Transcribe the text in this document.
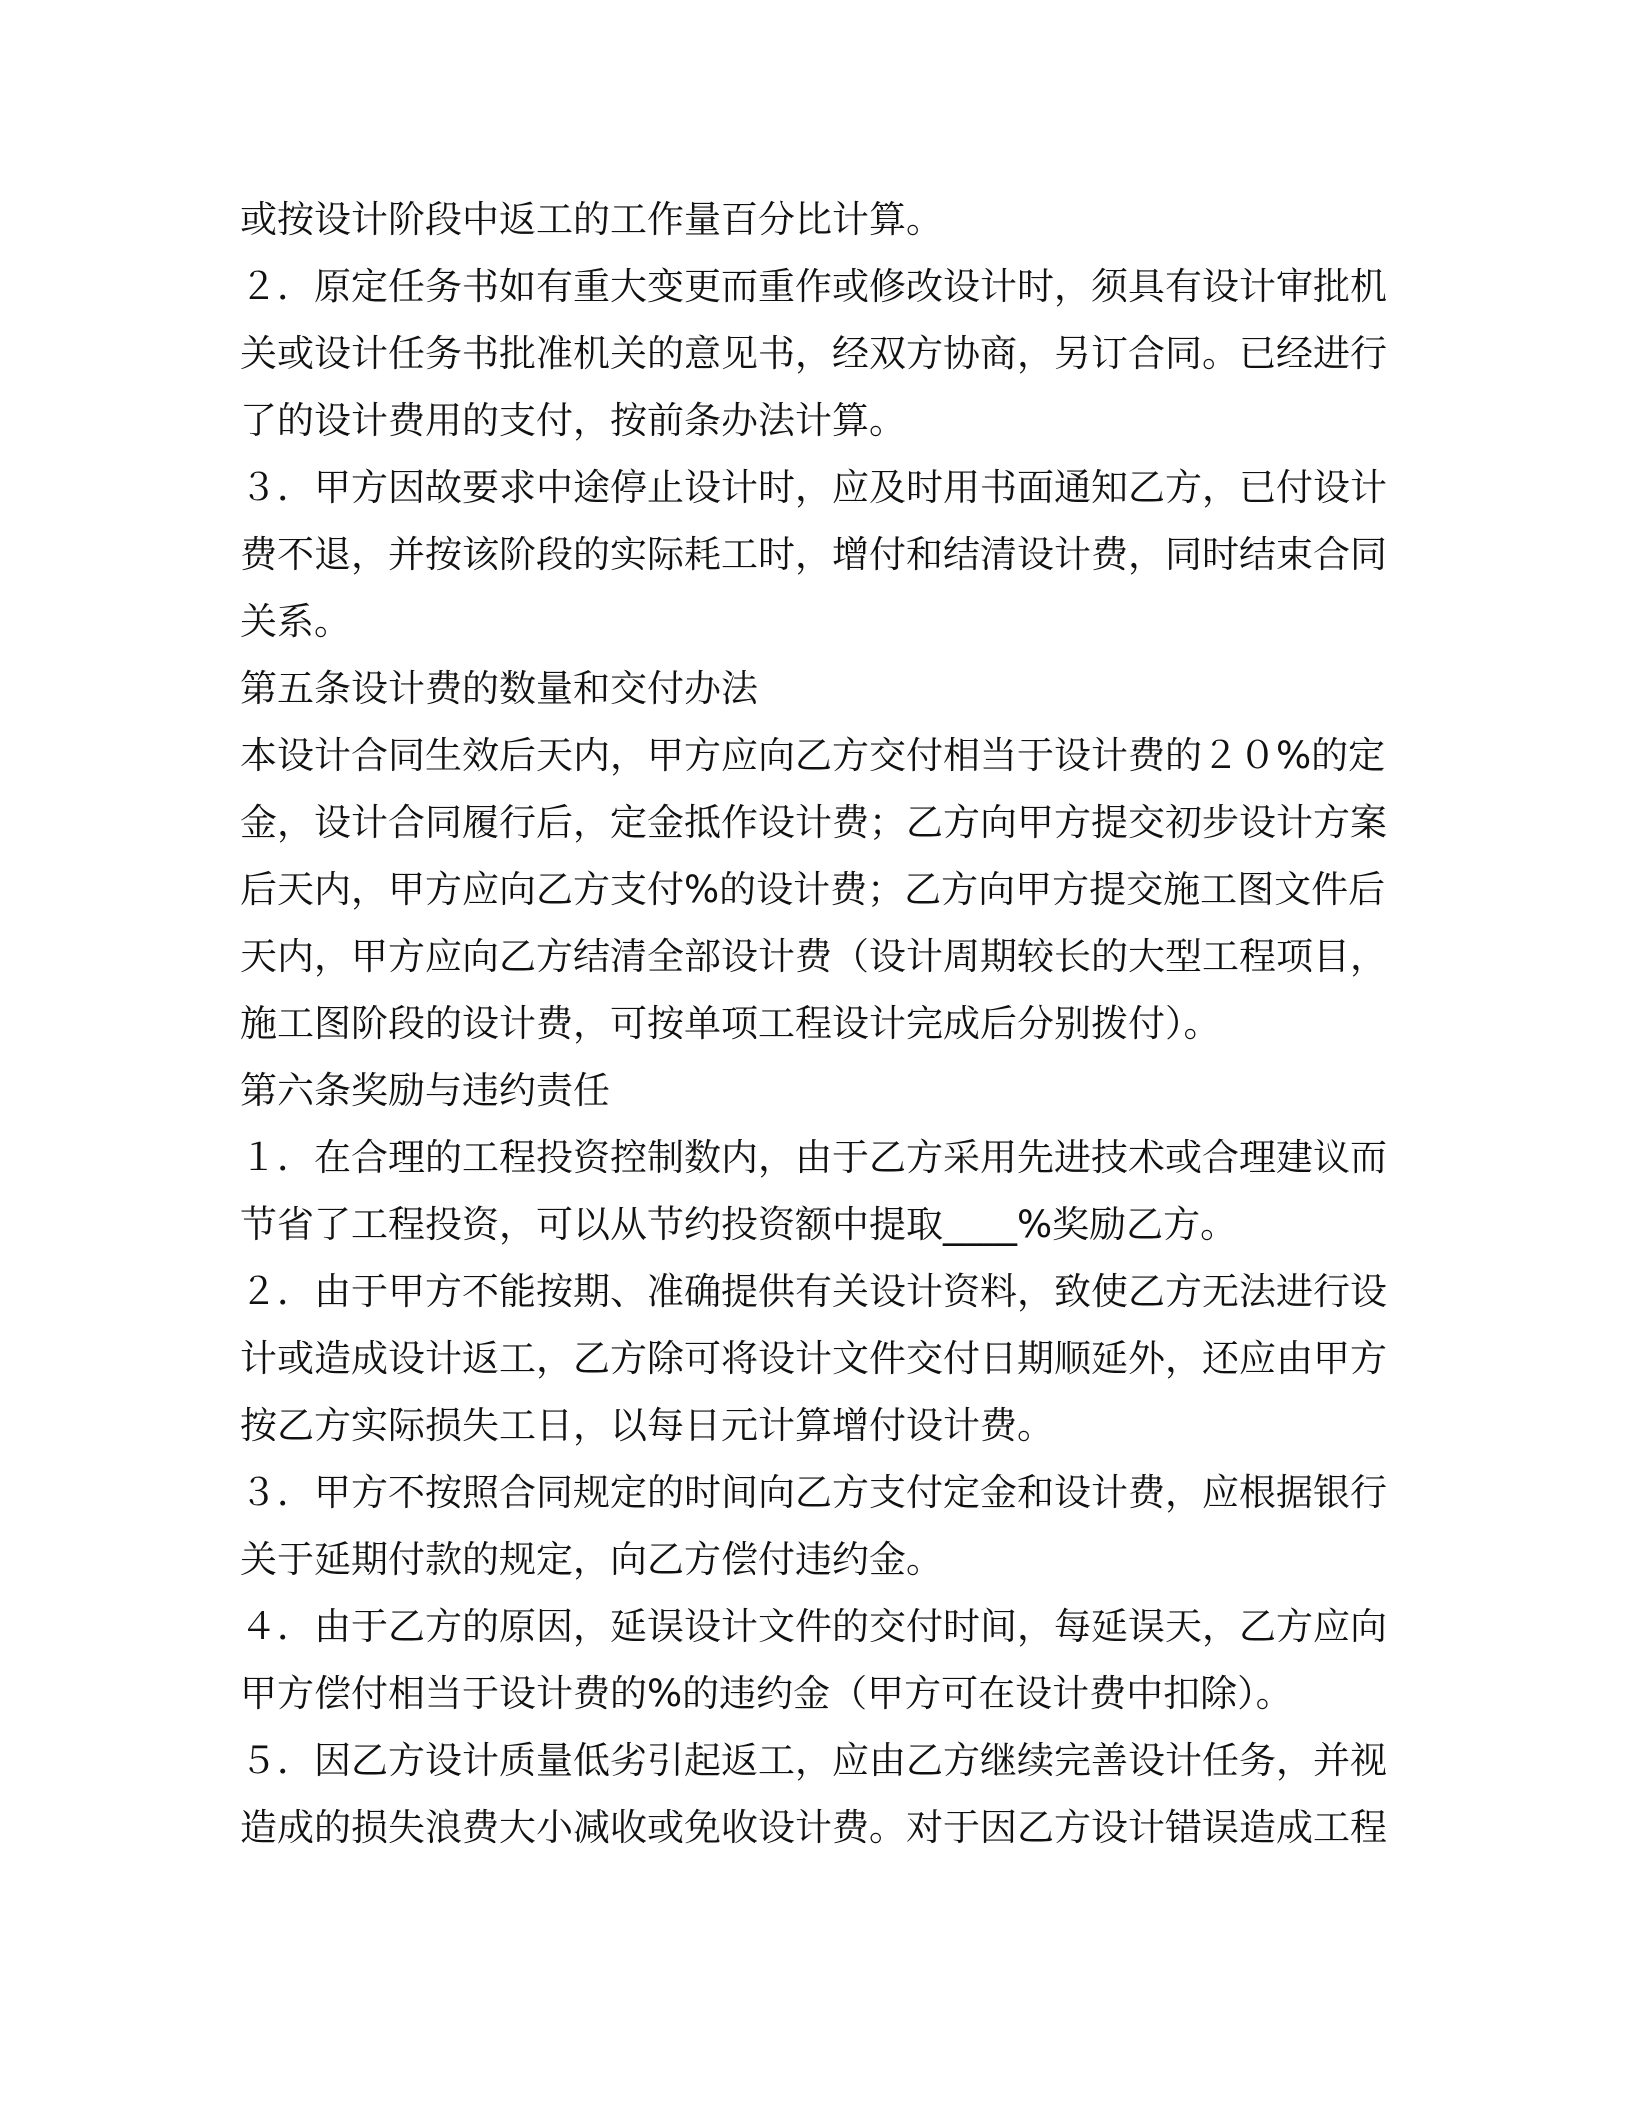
或按设计阶段中返工的工作量百分比计算。
２．原定任务书如有重大变更而重作或修改设计时，须具有设计审批机
关或设计任务书批准机关的意见书，经双方协商，另订合同。已经进行
了的设计费用的支付，按前条办法计算。
３．甲方因故要求中途停止设计时，应及时用书面通知乙方，已付设计
费不退，并按该阶段的实际耗工时，增付和结清设计费，同时结束合同
关系。
第五条设计费的数量和交付办法
本设计合同生效后天内，甲方应向乙方交付相当于设计费的２０%的定
金，设计合同履行后，定金抵作设计费；乙方向甲方提交初步设计方案
后天内，甲方应向乙方支付%的设计费；乙方向甲方提交施工图文件后
天内，甲方应向乙方结清全部设计费（设计周期较长的大型工程项目，
施工图阶段的设计费，可按单项工程设计完成后分别拨付）。
第六条奖励与违约责任
１．在合理的工程投资控制数内，由于乙方采用先进技术或合理建议而
节省了工程投资，可以从节约投资额中提取____%奖励乙方。
２．由于甲方不能按期、准确提供有关设计资料，致使乙方无法进行设
计或造成设计返工，乙方除可将设计文件交付日期顺延外，还应由甲方
按乙方实际损失工日，以每日元计算增付设计费。
３．甲方不按照合同规定的时间向乙方支付定金和设计费，应根据银行
关于延期付款的规定，向乙方偿付违约金。
４．由于乙方的原因，延误设计文件的交付时间，每延误天，乙方应向
甲方偿付相当于设计费的%的违约金（甲方可在设计费中扣除）。
５．因乙方设计质量低劣引起返工，应由乙方继续完善设计任务，并视
造成的损失浪费大小减收或免收设计费。对于因乙方设计错误造成工程
